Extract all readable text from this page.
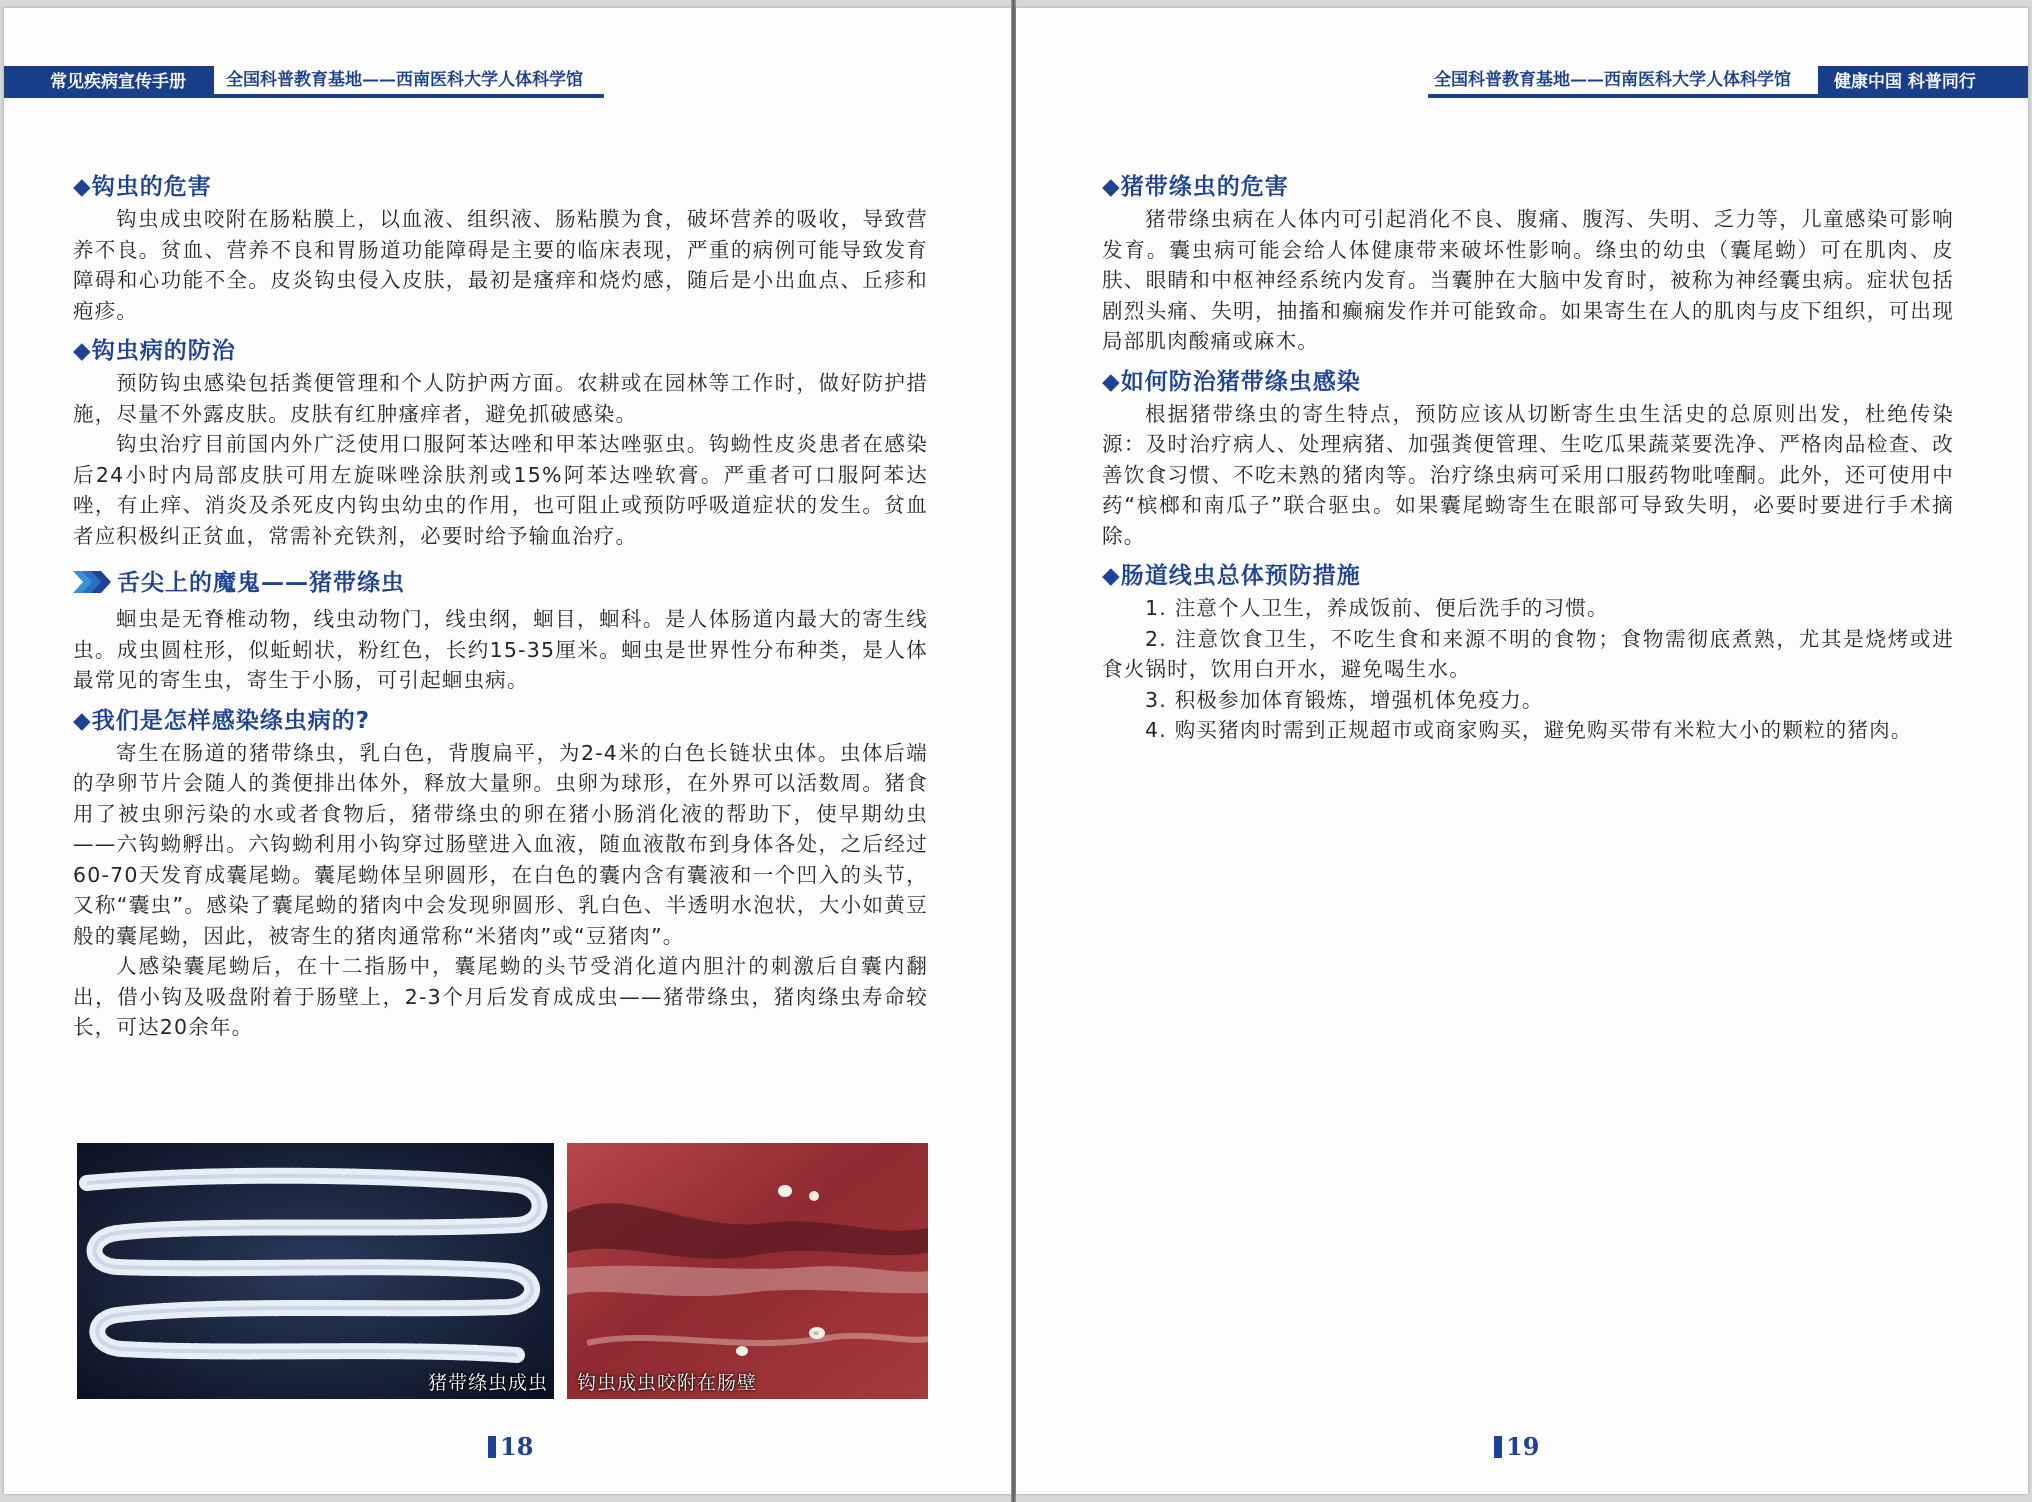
常见疾病宣传手册	全国科普教育基地——西南医科大学人体科学馆

◆钩虫的危害

钩虫成虫咬附在肠粘膜上，以血液、组织液、肠粘膜为食，破坏营养的吸收，导致营养不良。贫血、营养不良和胃肠道功能障碍是主要的临床表现，严重的病例可能导致发育障碍和心功能不全。皮炎钩虫侵入皮肤，最初是瘙痒和烧灼感，随后是小出血点、丘疹和疱疹。

◆钩虫病的防治

预防钩虫感染包括粪便管理和个人防护两方面。农耕或在园林等工作时，做好防护措施，尽量不外露皮肤。皮肤有红肿瘙痒者，避免抓破感染。

钩虫治疗目前国内外广泛使用口服阿苯达唑和甲苯达唑驱虫。钩蚴性皮炎患者在感染后24小时内局部皮肤可用左旋咪唑涂肤剂或15%阿苯达唑软膏。严重者可口服阿苯达唑，有止痒、消炎及杀死皮内钩虫幼虫的作用，也可阻止或预防呼吸道症状的发生。贫血者应积极纠正贫血，常需补充铁剂，必要时给予输血治疗。

舌尖上的魔鬼——猪带绦虫

蛔虫是无脊椎动物，线虫动物门，线虫纲，蛔目，蛔科。是人体肠道内最大的寄生线虫。成虫圆柱形，似蚯蚓状，粉红色，长约15-35厘米。蛔虫是世界性分布种类，是人体最常见的寄生虫，寄生于小肠，可引起蛔虫病。

◆我们是怎样感染绦虫病的?

寄生在肠道的猪带绦虫，乳白色，背腹扁平，为2-4米的白色长链状虫体。虫体后端的孕卵节片会随人的粪便排出体外，释放大量卵。虫卵为球形，在外界可以活数周。猪食用了被虫卵污染的水或者食物后，猪带绦虫的卵在猪小肠消化液的帮助下，使早期幼虫——六钩蚴孵出。六钩蚴利用小钩穿过肠壁进入血液，随血液散布到身体各处，之后经过60-70天发育成囊尾蚴。囊尾蚴体呈卵圆形，在白色的囊内含有囊液和一个凹入的头节，又称“囊虫”。感染了囊尾蚴的猪肉中会发现卵圆形、乳白色、半透明水泡状，大小如黄豆般的囊尾蚴，因此，被寄生的猪肉通常称“米猪肉”或“豆猪肉”。

人感染囊尾蚴后，在十二指肠中，囊尾蚴的头节受消化道内胆汁的刺激后自囊内翻出，借小钩及吸盘附着于肠壁上，2-3个月后发育成成虫——猪带绦虫，猪肉绦虫寿命较长，可达20余年。

猪带绦虫成虫 钩虫成虫咬附在肠壁
18
全国科普教育基地——西南医科大学人体科学馆	健康中国 科普同行

◆猪带绦虫的危害

猪带绦虫病在人体内可引起消化不良、腹痛、腹泻、失明、乏力等，儿童感染可影响发育。囊虫病可能会给人体健康带来破坏性影响。绦虫的幼虫（囊尾蚴）可在肌肉、皮肤、眼睛和中枢神经系统内发育。当囊肿在大脑中发育时，被称为神经囊虫病。症状包括剧烈头痛、失明，抽搐和癫痫发作并可能致命。如果寄生在人的肌肉与皮下组织，可出现局部肌肉酸痛或麻木。

◆如何防治猪带绦虫感染

根据猪带绦虫的寄生特点，预防应该从切断寄生虫生活史的总原则出发，杜绝传染源：及时治疗病人、处理病猪、加强粪便管理、生吃瓜果蔬菜要洗净、严格肉品检查、改善饮食习惯、不吃未熟的猪肉等。治疗绦虫病可采用口服药物吡喹酮。此外，还可使用中药“槟榔和南瓜子”联合驱虫。如果囊尾蚴寄生在眼部可导致失明，必要时要进行手术摘除。

◆肠道线虫总体预防措施

1. 注意个人卫生，养成饭前、便后洗手的习惯。

2. 注意饮食卫生，不吃生食和来源不明的食物；食物需彻底煮熟，尤其是烧烤或进食火锅时，饮用白开水，避免喝生水。

3. 积极参加体育锻炼，增强机体免疫力。

4. 购买猪肉时需到正规超市或商家购买，避免购买带有米粒大小的颗粒的猪肉。

19
